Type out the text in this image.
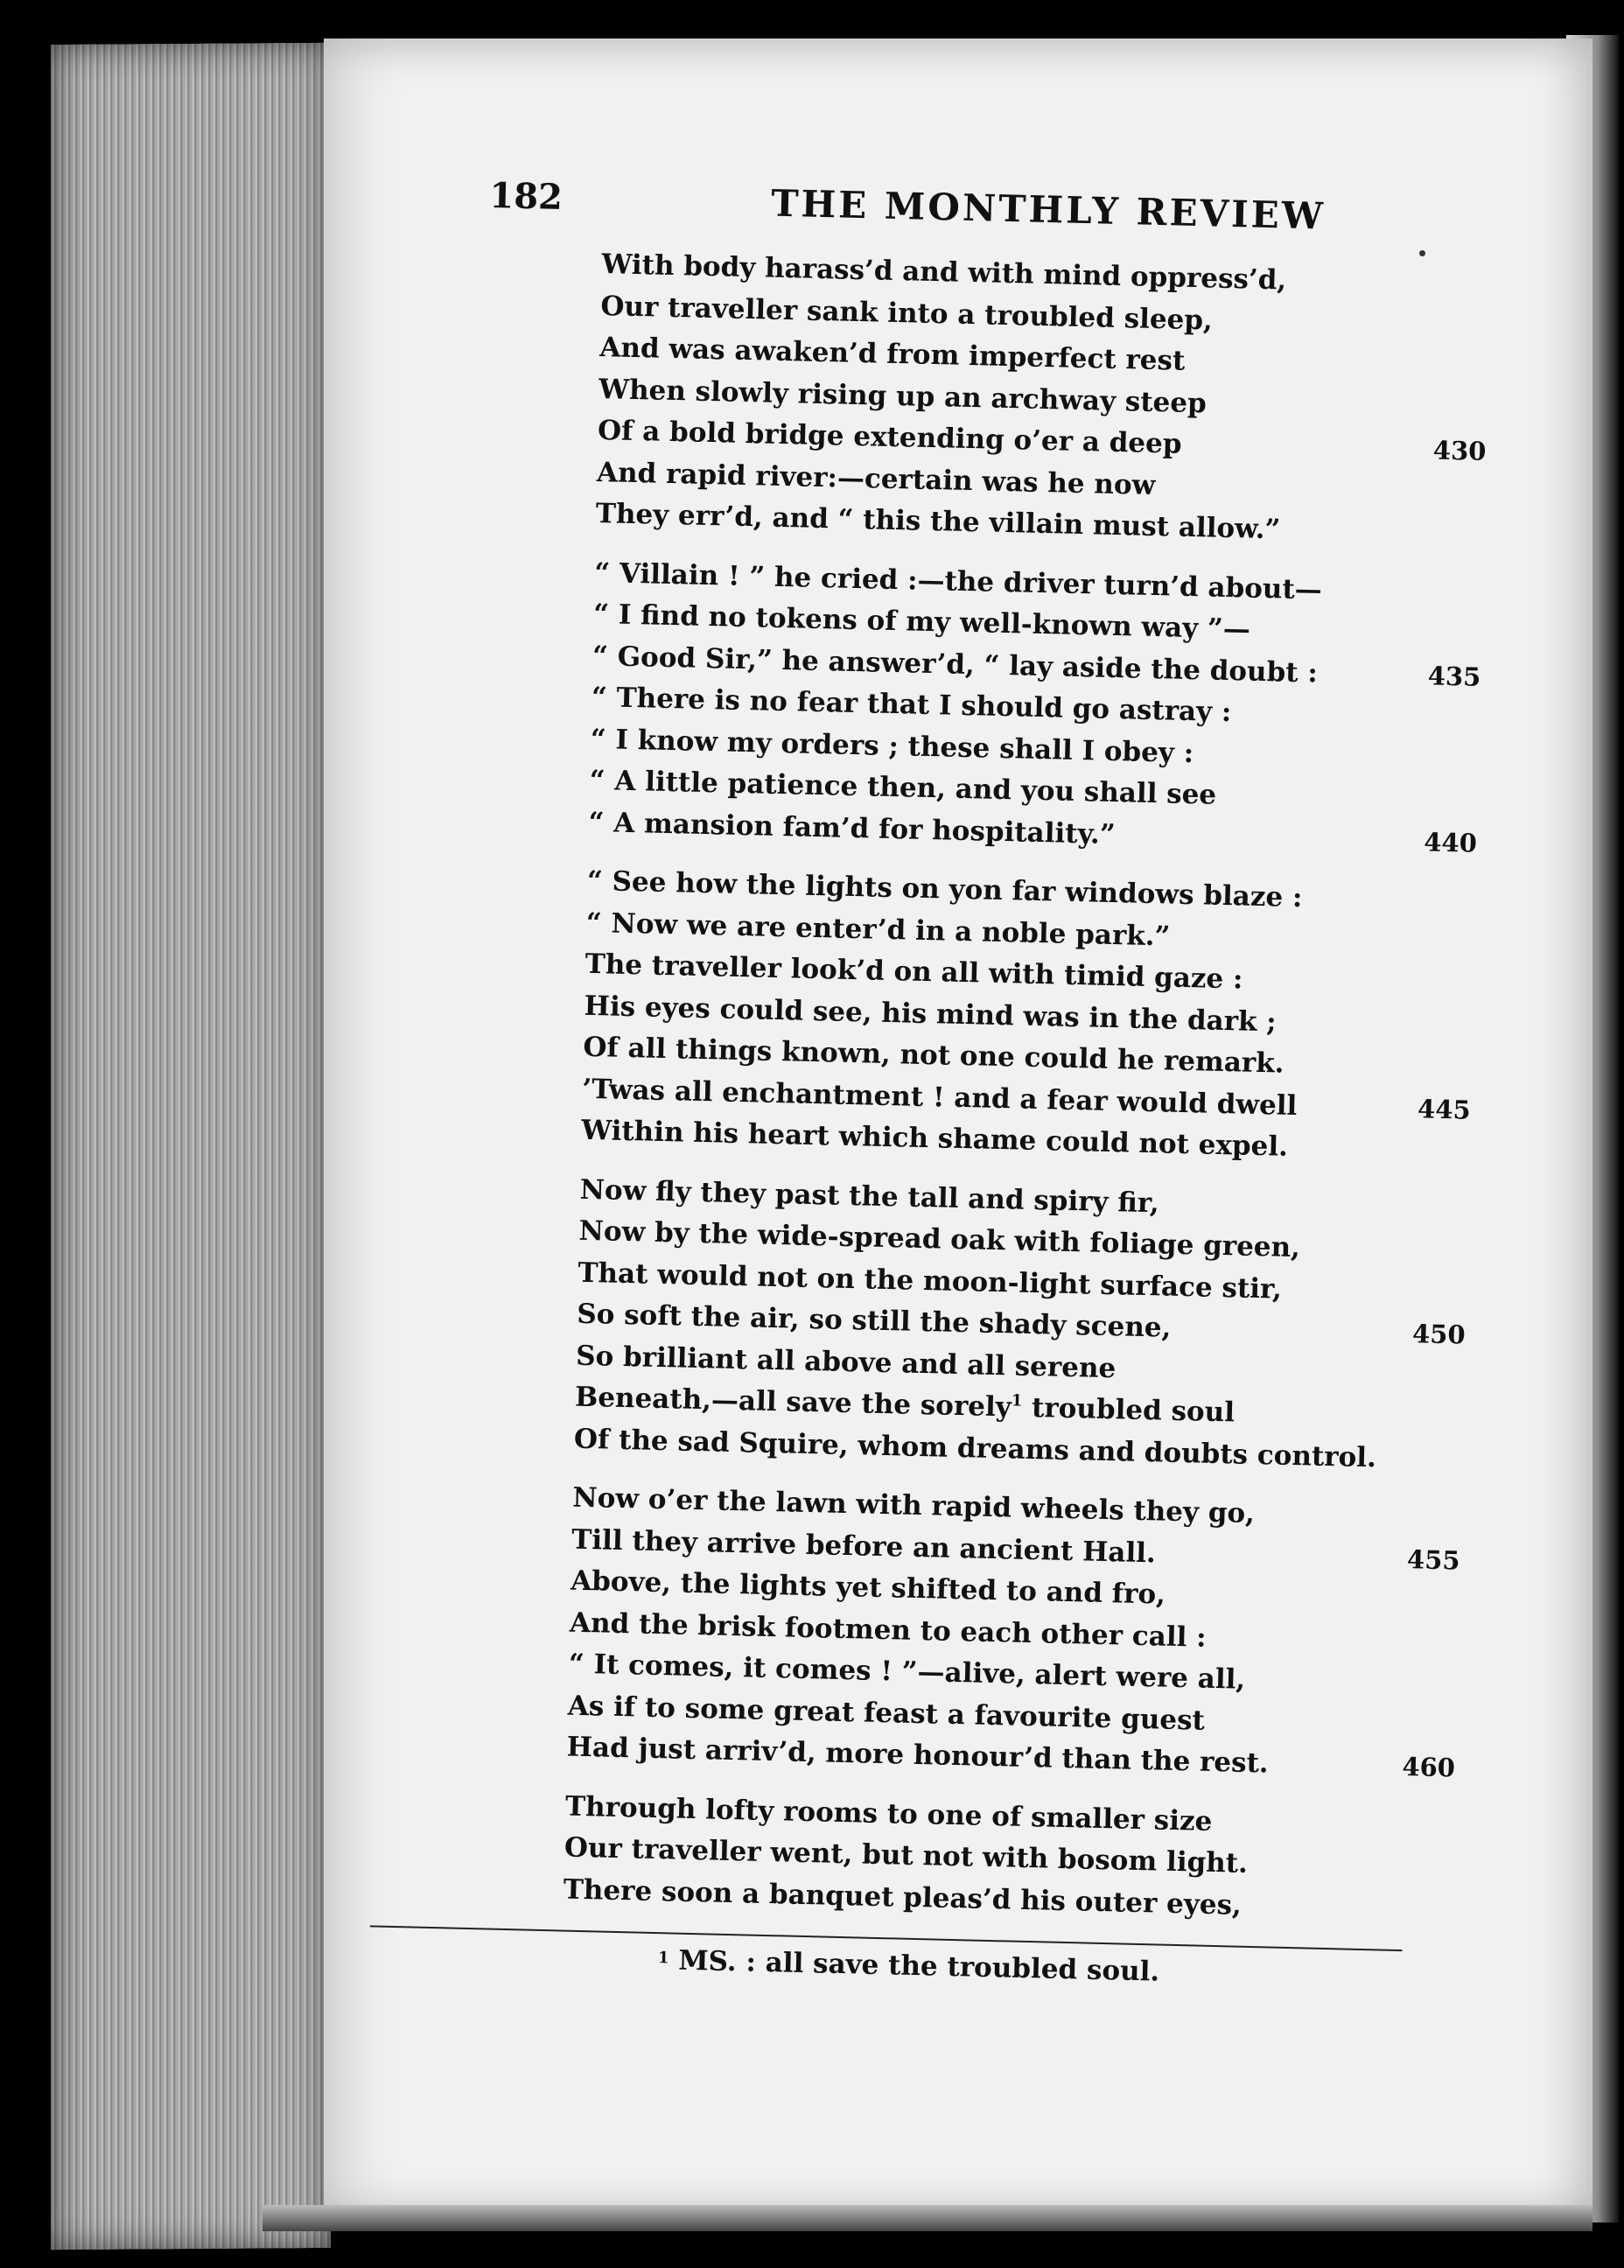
182	THE MONTHLY REVIEW
With body harass’d and with mind oppress’d,
Our traveller sank into a troubled sleep,
And was awaken’d from imperfect rest
When slowly rising up an archway steep
Of a bold bridge extending o’er a deep	430
And rapid river:—certain was he now
They err’d, and “ this the villain must allow.”
“ Villain ! ” he cried :—the driver turn’d about—
“ I find no tokens of my well-known way ”—
“ Good Sir,” he answer’d, “ lay aside the doubt :	435
“ There is no fear that I should go astray :
“ I know my orders ; these shall I obey :
“ A little patience then, and you shall see
“ A mansion fam’d for hospitality.”	440
“ See how the lights on yon far windows blaze :
“ Now we are enter’d in a noble park.”
The traveller look’d on all with timid gaze :
His eyes could see, his mind was in the dark ;
Of all things known, not one could he remark.
’Twas all enchantment ! and a fear would dwell	445
Within his heart which shame could not expel.
Now fly they past the tall and spiry fir,
Now by the wide-spread oak with foliage green,
That would not on the moon-light surface stir,
So soft the air, so still the shady scene,	450
So brilliant all above and all serene
Beneath,—all save the sorely$^1$ troubled soul
Of the sad Squire, whom dreams and doubts control.
Now o’er the lawn with rapid wheels they go,
Till they arrive before an ancient Hall.	455
Above, the lights yet shifted to and fro,
And the brisk footmen to each other call :
“ It comes, it comes ! ”—alive, alert were all,
As if to some great feast a favourite guest
Had just arriv’d, more honour’d than the rest.	460
Through lofty rooms to one of smaller size
Our traveller went, but not with bosom light.
There soon a banquet pleas’d his outer eyes,
$^1$ MS. : all save the troubled soul.
